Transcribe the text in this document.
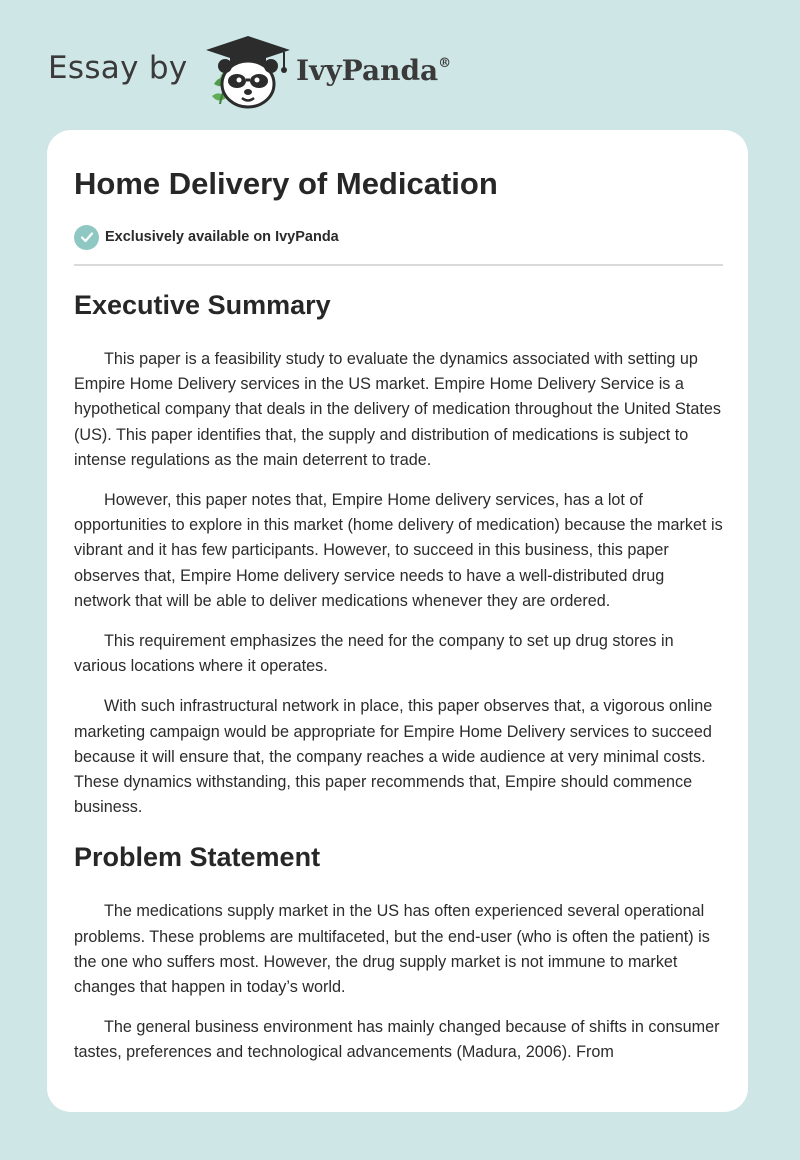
Essay by	IvyPanda®
Home Delivery of Medication
Exclusively available on IvyPanda
Executive Summary

This paper is a feasibility study to evaluate the dynamics associated with setting up Empire Home Delivery services in the US market. Empire Home Delivery Service is a hypothetical company that deals in the delivery of medication throughout the United States (US). This paper identifies that, the supply and distribution of medications is subject to intense regulations as the main deterrent to trade.

However, this paper notes that, Empire Home delivery services, has a lot of opportunities to explore in this market (home delivery of medication) because the market is vibrant and it has few participants. However, to succeed in this business, this paper observes that, Empire Home delivery service needs to have a well-distributed drug network that will be able to deliver medications whenever they are ordered.

This requirement emphasizes the need for the company to set up drug stores in various locations where it operates.

With such infrastructural network in place, this paper observes that, a vigorous online marketing campaign would be appropriate for Empire Home Delivery services to succeed because it will ensure that, the company reaches a wide audience at very minimal costs. These dynamics withstanding, this paper recommends that, Empire should commence business.

Problem Statement

The medications supply market in the US has often experienced several operational problems. These problems are multifaceted, but the end-user (who is often the patient) is the one who suffers most. However, the drug supply market is not immune to market changes that happen in today’s world.

The general business environment has mainly changed because of shifts in consumer tastes, preferences and technological advancements (Madura, 2006). From
